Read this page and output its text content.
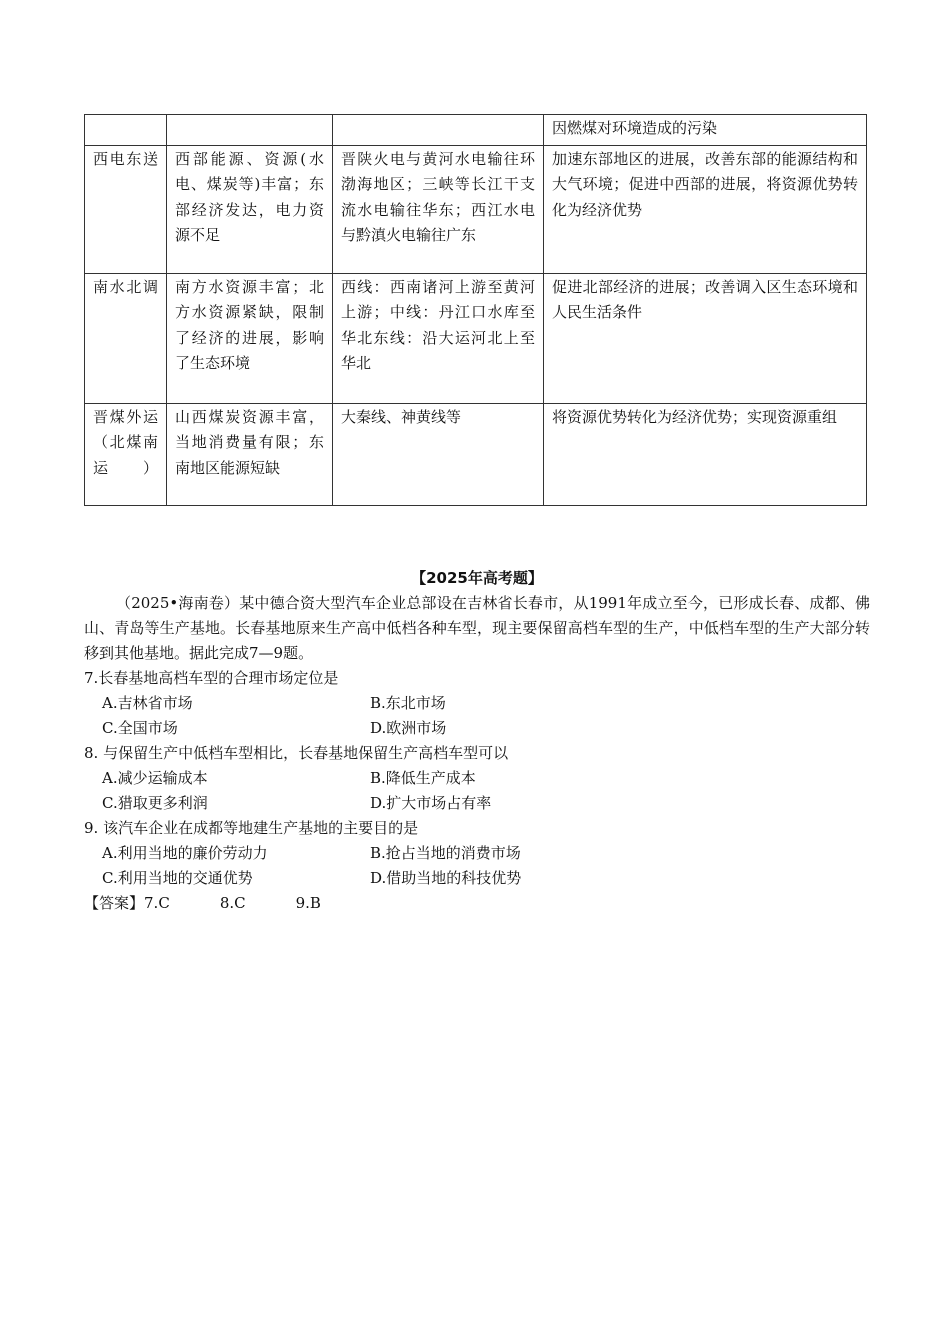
			因燃煤对环境造成的污染
西电东送	西部能源、资源(水电、煤炭等)丰富；东部经济发达，电力资源不足	晋陕火电与黄河水电输往环渤海地区；三峡等长江干支流水电输往华东；西江水电与黔滇火电输往广东	加速东部地区的进展，改善东部的能源结构和大气环境；促进中西部的进展，将资源优势转化为经济优势
南水北调	南方水资源丰富；北方水资源紧缺，限制了经济的进展，影响了生态环境	西线：西南诸河上游至黄河上游；中线：丹江口水库至华北东线：沿大运河北上至华北	促进北部经济的进展；改善调入区生态环境和人民生活条件
晋煤外运（北煤南运）	山西煤炭资源丰富，当地消费量有限；东南地区能源短缺	大秦线、神黄线等	将资源优势转化为经济优势；实现资源重组
【2025年高考题】

（2025•海南卷）某中德合资大型汽车企业总部设在吉林省长春市，从1991年成立至今，已形成长春、成都、佛山、青岛等生产基地。长春基地原来生产高中低档各种车型，现主要保留高档车型的生产，中低档车型的生产大部分转移到其他基地。据此完成7—9题。

7.长春基地高档车型的合理市场定位是

A.吉林省市场	B.东北市场
C.全国市场	D.欧洲市场

8. 与保留生产中低档车型相比，长春基地保留生产高档车型可以

A.减少运输成本	B.降低生产成本
C.猎取更多利润	D.扩大市场占有率

9. 该汽车企业在成都等地建生产基地的主要目的是

A.利用当地的廉价劳动力	B.抢占当地的消费市场
C.利用当地的交通优势	D.借助当地的科技优势

【答案】7.C	8.C	9.B
